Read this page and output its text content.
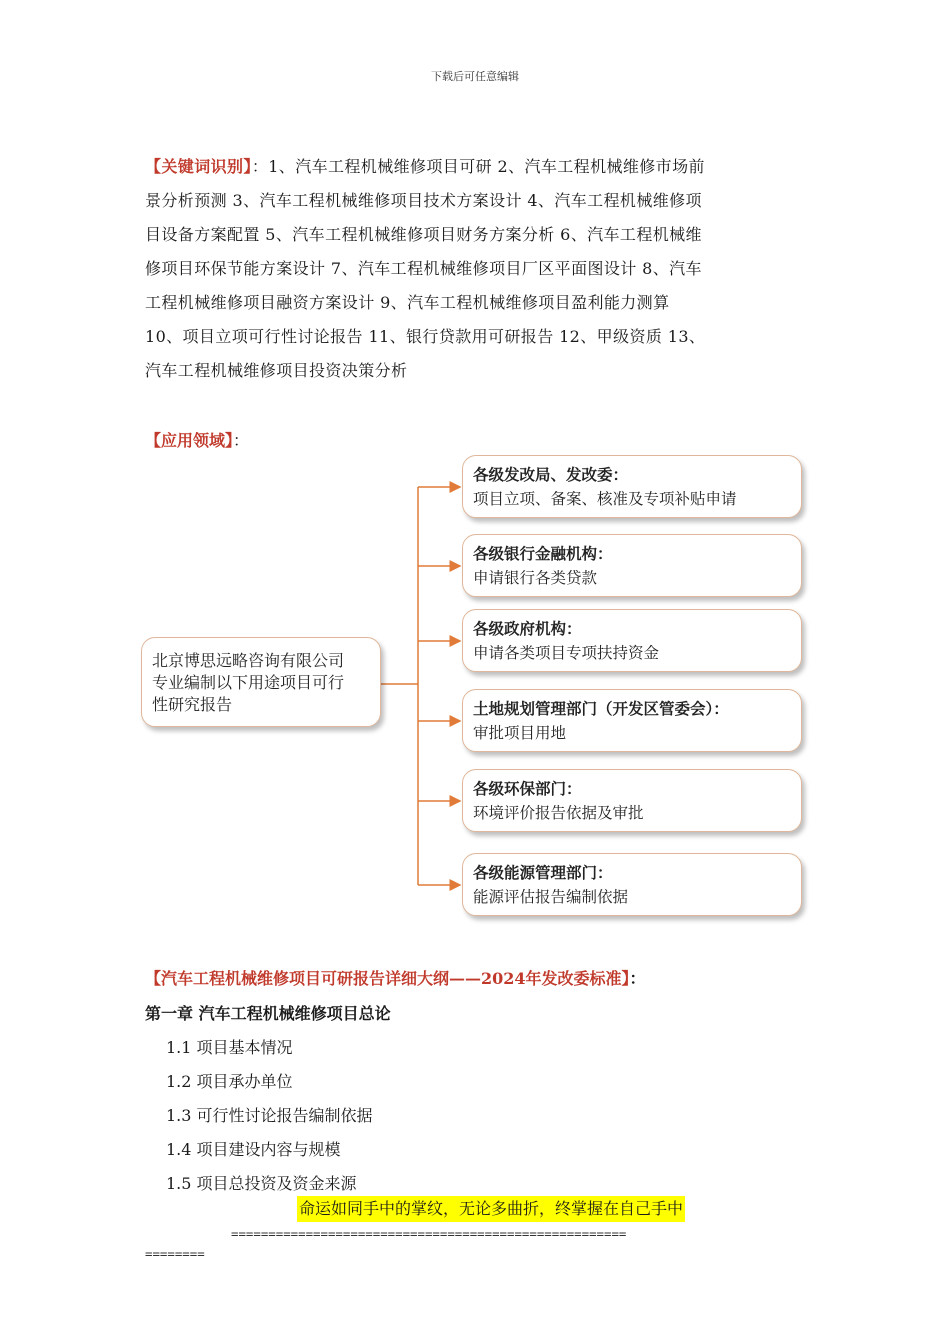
下载后可任意编辑
【关键词识别】：1、汽车工程机械维修项目可研 2、汽车工程机械维修市场前
景分析预测 3、汽车工程机械维修项目技术方案设计 4、汽车工程机械维修项
目设备方案配置 5、汽车工程机械维修项目财务方案分析 6、汽车工程机械维
修项目环保节能方案设计 7、汽车工程机械维修项目厂区平面图设计 8、汽车
工程机械维修项目融资方案设计 9、汽车工程机械维修项目盈利能力测算
10、项目立项可行性讨论报告 11、银行贷款用可研报告 12、甲级资质 13、
汽车工程机械维修项目投资决策分析
【应用领域】：
北京博思远略咨询有限公司
专业编制以下用途项目可行
性研究报告
各级发改局、发改委：
项目立项、备案、核准及专项补贴申请
各级银行金融机构：
申请银行各类贷款
各级政府机构：
申请各类项目专项扶持资金
土地规划管理部门（开发区管委会）：
审批项目用地
各级环保部门：
环境评价报告依据及审批
各级能源管理部门：
能源评估报告编制依据
【汽车工程机械维修项目可研报告详细大纲——2024年发改委标准】：
第一章 汽车工程机械维修项目总论
1.1 项目基本情况
1.2 项目承办单位
1.3 可行性讨论报告编制依据
1.4 项目建设内容与规模
1.5 项目总投资及资金来源
命运如同手中的掌纹，无论多曲折，终掌握在自己手中
=====================================================
========
